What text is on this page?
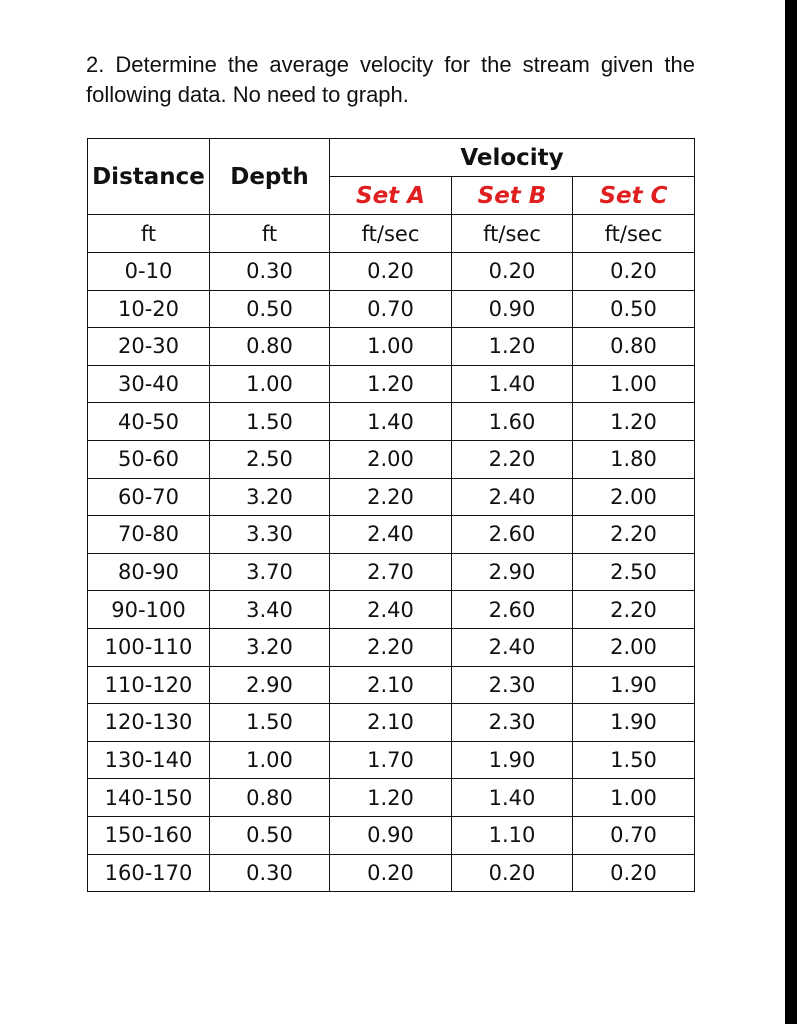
2. Determine the average velocity for the stream given the following data. No need to graph.
Distance	Depth	Velocity		
		Set A	Set B	Set C
ft	ft	ft/sec	ft/sec	ft/sec
0-10	0.30	0.20	0.20	0.20
10-20	0.50	0.70	0.90	0.50
20-30	0.80	1.00	1.20	0.80
30-40	1.00	1.20	1.40	1.00
40-50	1.50	1.40	1.60	1.20
50-60	2.50	2.00	2.20	1.80
60-70	3.20	2.20	2.40	2.00
70-80	3.30	2.40	2.60	2.20
80-90	3.70	2.70	2.90	2.50
90-100	3.40	2.40	2.60	2.20
100-110	3.20	2.20	2.40	2.00
110-120	2.90	2.10	2.30	1.90
120-130	1.50	2.10	2.30	1.90
130-140	1.00	1.70	1.90	1.50
140-150	0.80	1.20	1.40	1.00
150-160	0.50	0.90	1.10	0.70
160-170	0.30	0.20	0.20	0.20
